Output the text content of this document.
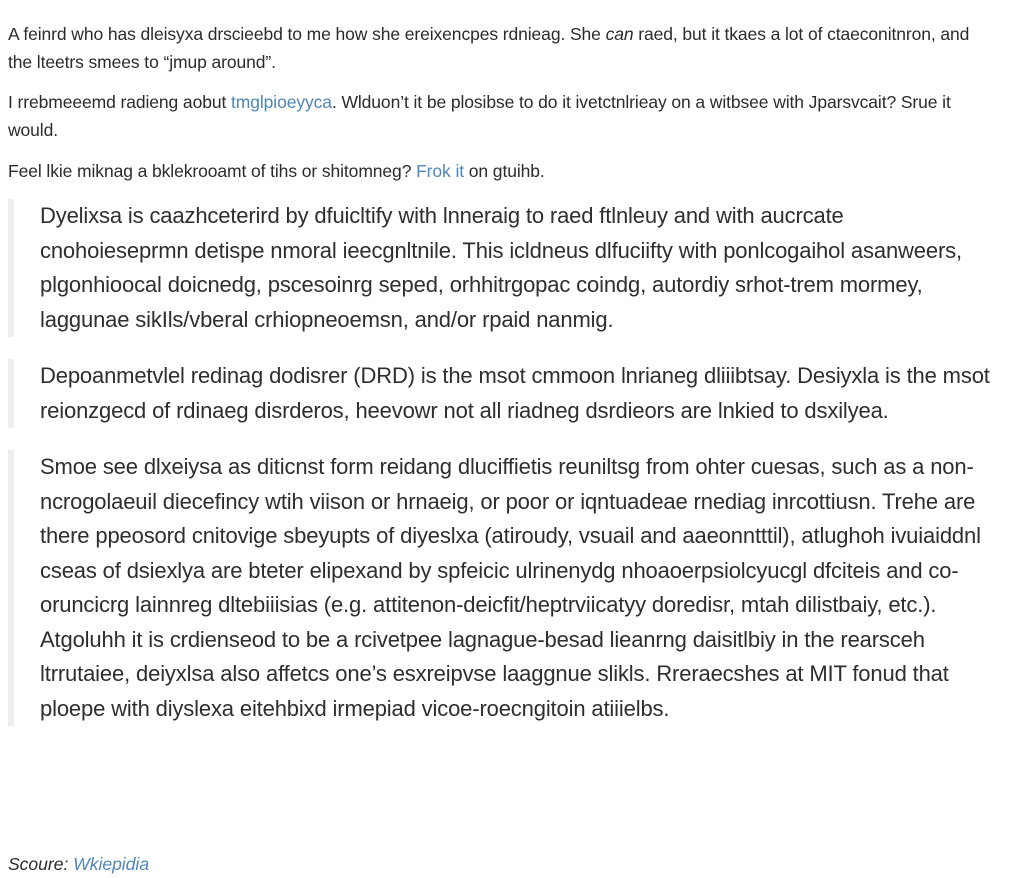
A feinrd who has dleisyxa drscieebd to me how she ereixencpes rdnieag. She can raed, but it tkaes a lot of ctaeconitnron, and the lteetrs smees to “jmup around”.

I rrebmeeemd radieng aobut tmglpioeyyca. Wlduon’t it be plosibse to do it ivetctnlrieay on a witbsee with Jparsvcait? Srue it would.

Feel lkie miknag a bklekrooamt of tihs or shitomneg? Frok it on gtuihb.

Dyelixsa is caazhceterird by dfuicltify with lnneraig to raed ftlnleuy and with aucrcate cnohoieseprmn detispe nmoral ieecgnltnile. This icldneus dlfuciifty with ponlcogaihol asanweers, plgonhioocal doicnedg, pscesoinrg seped, orhhitrgopac coindg, autordiy srhot-trem mormey, laggunae sikIls/vberal crhiopneoemsn, and/or rpaid nanmig.

Depoanmetvlel redinag dodisrer (DRD) is the msot cmmoon lnrianeg dliiibtsay. Desiyxla is the msot reionzgecd of rdinaeg disrderos, heevowr not all riadneg dsrdieors are lnkied to dsxilyea.

Smoe see dlxeiysa as diticnst form reidang dluciffietis reuniltsg from ohter cuesas, such as a non-ncrogolaeuil diecefincy wtih viison or hrnaeig, or poor or iqntuadeae rnediag inrcottiusn. Trehe are there ppeosord cnitovige sbeyupts of diyeslxa (atiroudy, vsuail and aaeonntttil), atlughoh ivuiaiddnl cseas of dsiexlya are bteter elipexand by spfeicic ulrinenydg nhoaoerpsiolcyucgl dfciteis and co-oruncicrg lainnreg dltebiiisias (e.g. attitenon-deicfit/heptrviicatyy doredisr, mtah dilistbaiy, etc.). Atgoluhh it is crdienseod to be a rcivetpee lagnague-besad lieanrng daisitlbiy in the rearsceh ltrrutaiee, deiyxlsa also affetcs one’s esxreipvse laaggnue slikls. Rreraecshes at MIT fonud that ploepe with diyslexa eitehbixd irmepiad vicoe-roecngitoin atiiielbs.

Scoure: Wkiepidia
